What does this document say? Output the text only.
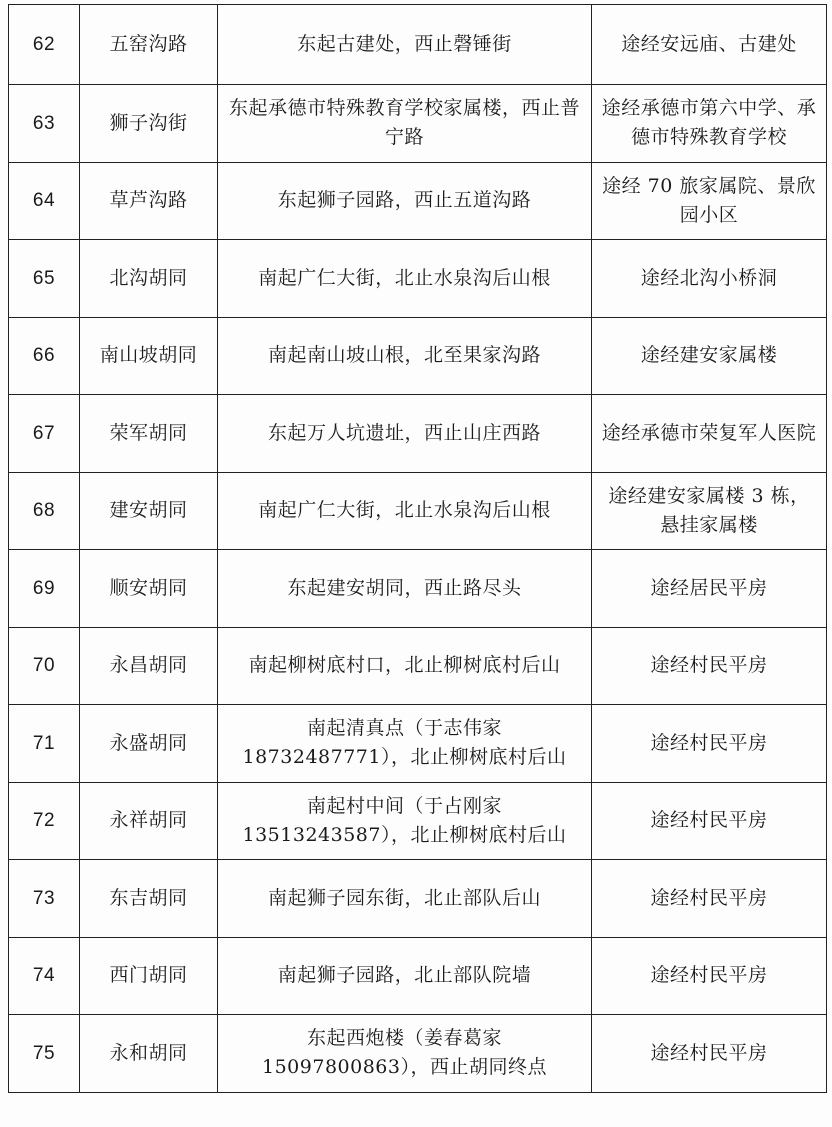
62	五窑沟路	东起古建处，西止磬锤街	途经安远庙、古建处
63	狮子沟街	东起承德市特殊教育学校家属楼，西止普宁路	途经承德市第六中学、承德市特殊教育学校
64	草芦沟路	东起狮子园路，西止五道沟路	途经 70 旅家属院、景欣园小区
65	北沟胡同	南起广仁大街，北止水泉沟后山根	途经北沟小桥洞
66	南山坡胡同	南起南山坡山根，北至果家沟路	途经建安家属楼
67	荣军胡同	东起万人坑遗址，西止山庄西路	途经承德市荣复军人医院
68	建安胡同	南起广仁大街，北止水泉沟后山根	途经建安家属楼 3 栋，悬挂家属楼
69	顺安胡同	东起建安胡同，西止路尽头	途经居民平房
70	永昌胡同	南起柳树底村口，北止柳树底村后山	途经村民平房
71	永盛胡同	南起清真点（于志伟家18732487771），北止柳树底村后山	途经村民平房
72	永祥胡同	南起村中间（于占刚家13513243587），北止柳树底村后山	途经村民平房
73	东吉胡同	南起狮子园东街，北止部队后山	途经村民平房
74	西门胡同	南起狮子园路，北止部队院墙	途经村民平房
75	永和胡同	东起西炮楼（姜春葛家15097800863），西止胡同终点	途经村民平房
